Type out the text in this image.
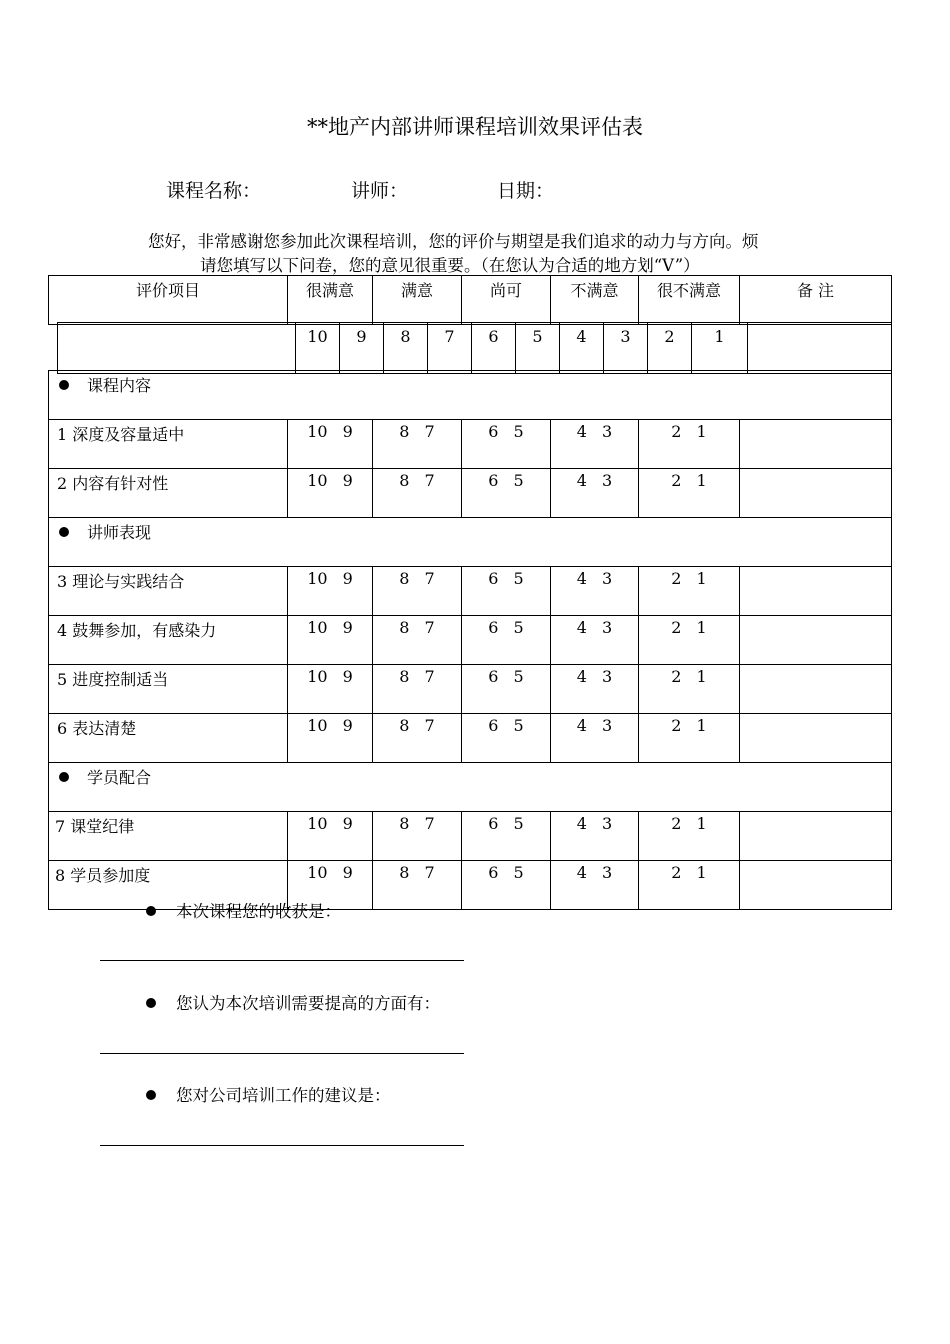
**地产内部讲师课程培训效果评估表
课程名称：	讲师：	日期：
您好，非常感谢您参加此次课程培训，您的评价与期望是我们追求的动力与方向。烦
请您填写以下问卷，您的意见很重要。（在您认为合适的地方划“V”）
评价项目	很满意	满意	尚可	不满意	很不满意	备 注
	10	9	8	7	6	5	4	3	2	1	
课程内容						
1 深度及容量适中	10 9	8 7	6 5	4 3	2 1	
2 内容有针对性	10 9	8 7	6 5	4 3	2 1	
讲师表现						
3 理论与实践结合	10 9	8 7	6 5	4 3	2 1	
4 鼓舞参加，有感染力	10 9	8 7	6 5	4 3	2 1	
5 进度控制适当	10 9	8 7	6 5	4 3	2 1	
6 表达清楚	10 9	8 7	6 5	4 3	2 1	
学员配合						
7 课堂纪律	10 9	8 7	6 5	4 3	2 1	
8 学员参加度	10 9	8 7	6 5	4 3	2 1	
本次课程您的收获是：
您认为本次培训需要提高的方面有：
您对公司培训工作的建议是：
